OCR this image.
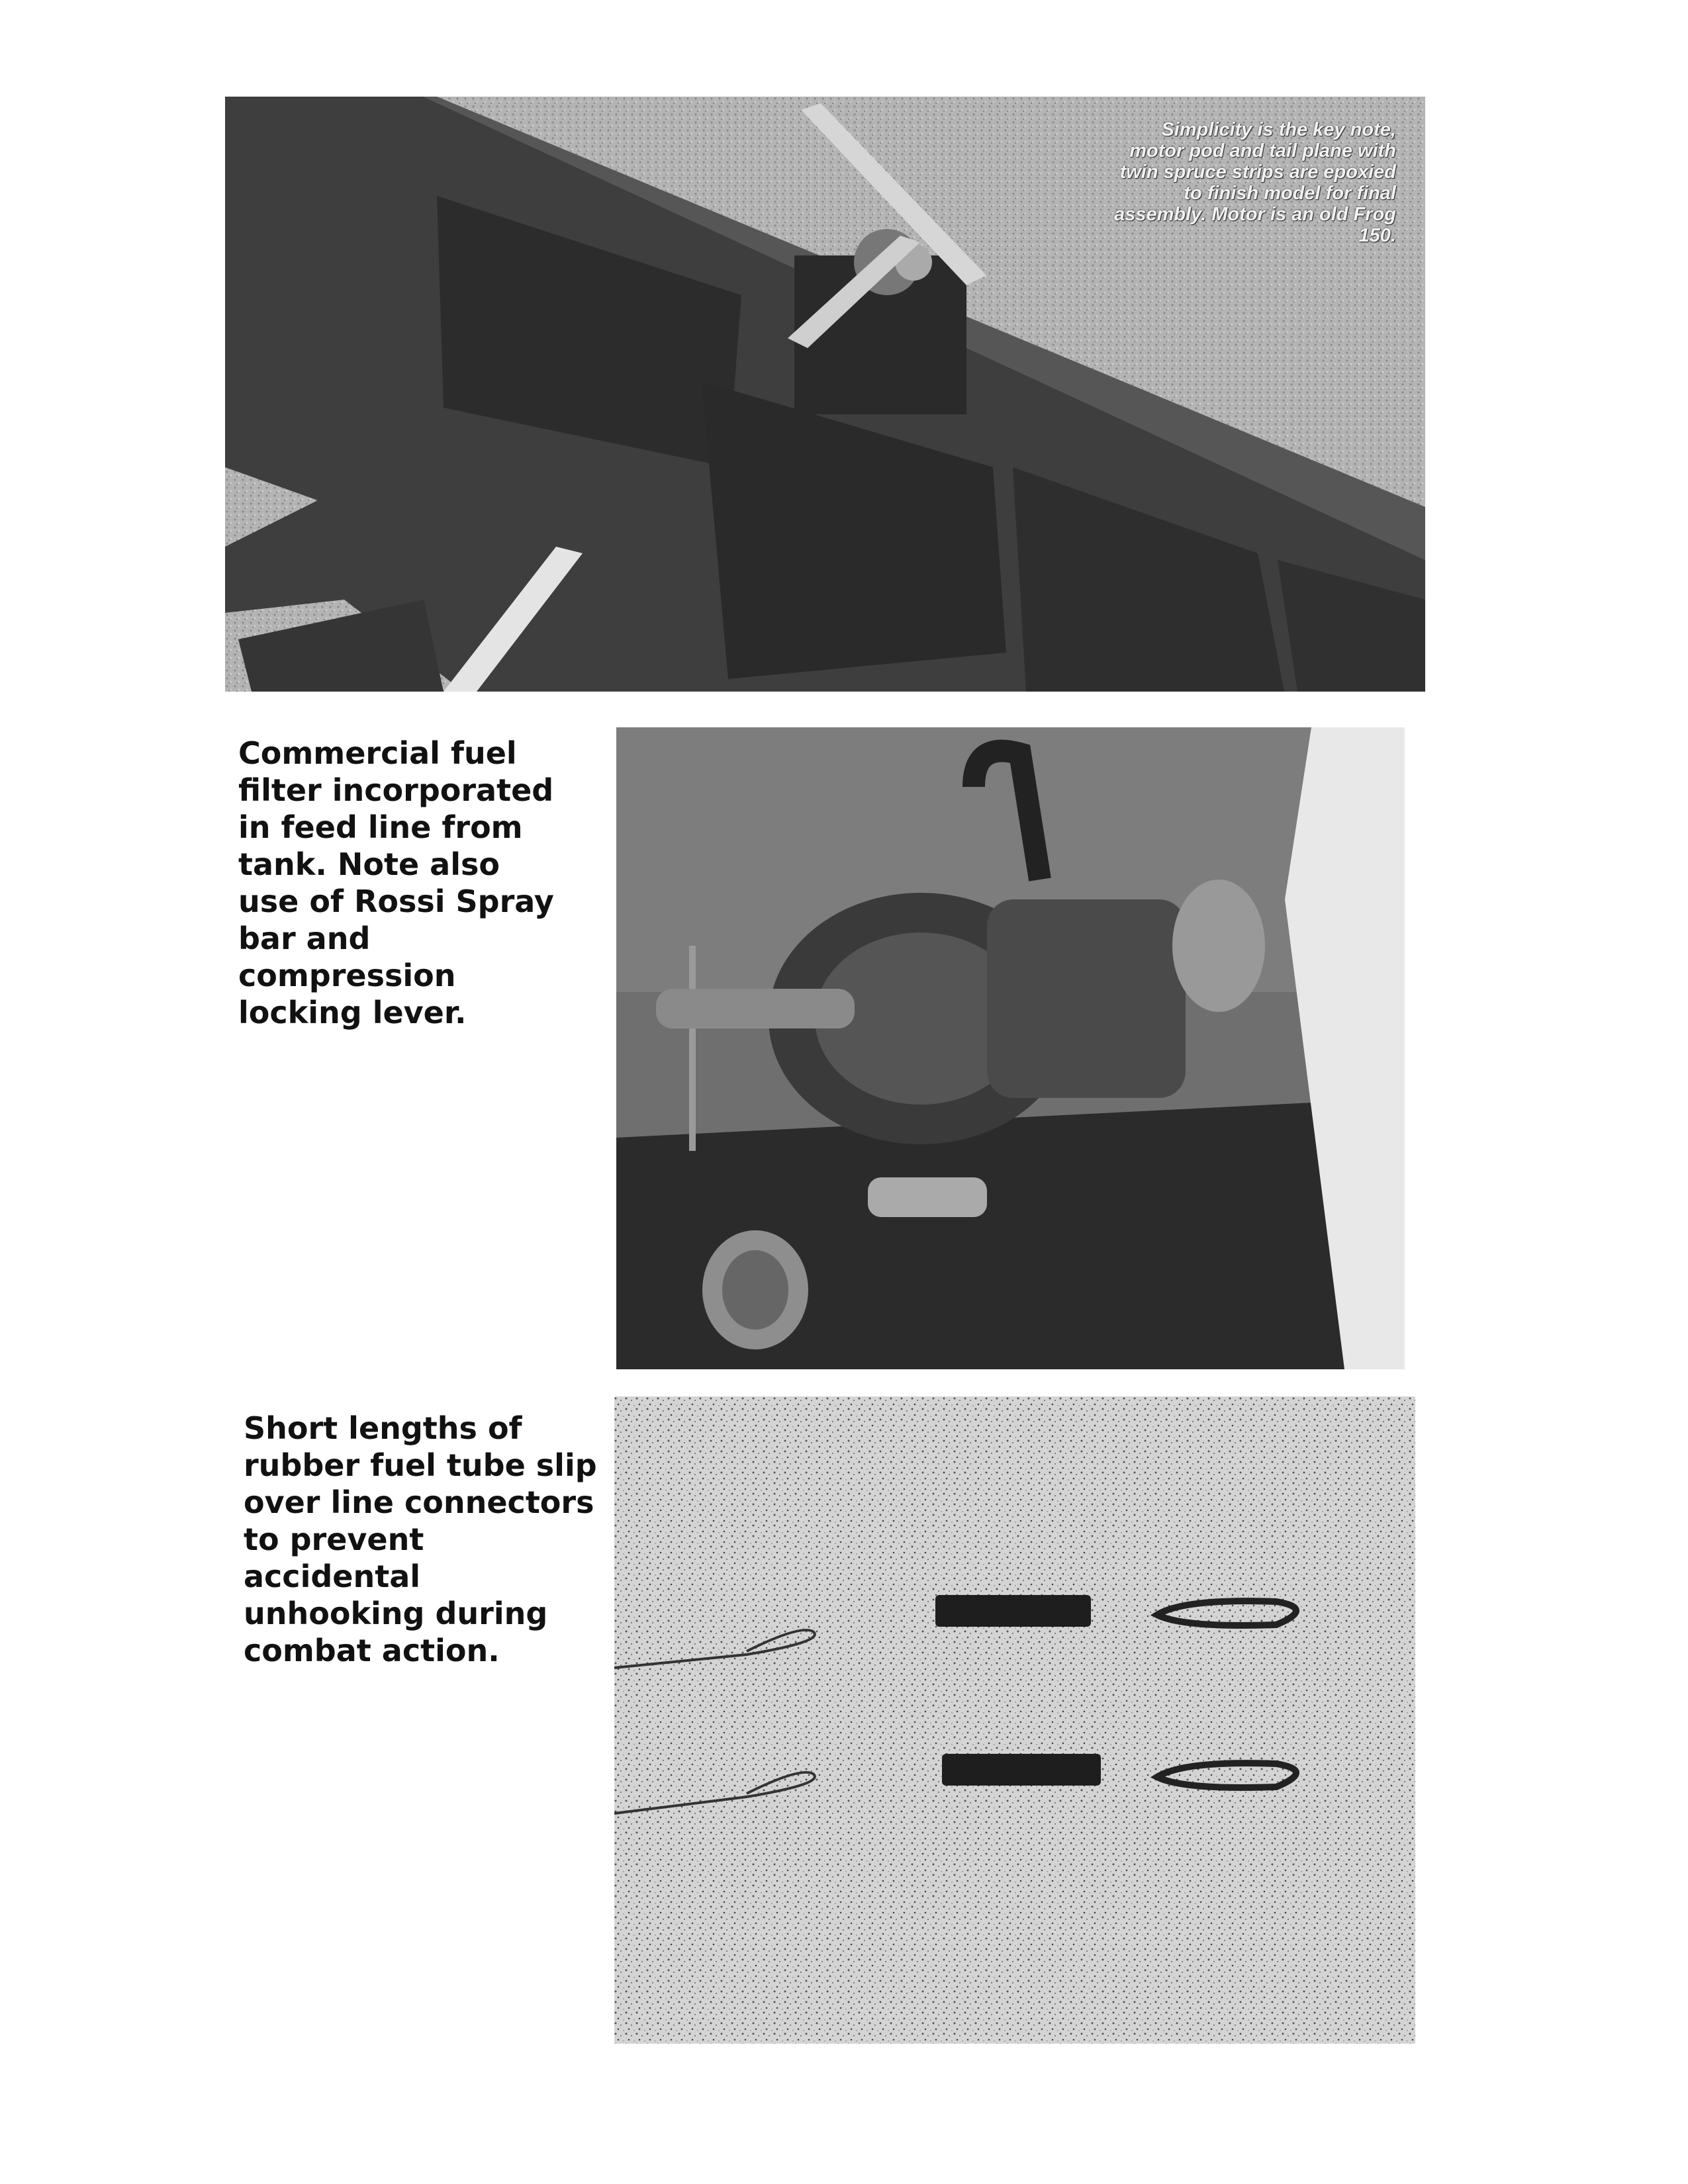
Simplicity is the key note, motor pod and tail plane with twin spruce strips are epoxied to finish model for final assembly. Motor is an old Frog 150.
Commercial fuel
filter incorporated
in feed line from
tank. Note also
use of Rossi Spray
bar and
compression
locking lever.
Short lengths of
rubber fuel tube slip
over line connectors
to prevent
accidental
unhooking during
combat action.
